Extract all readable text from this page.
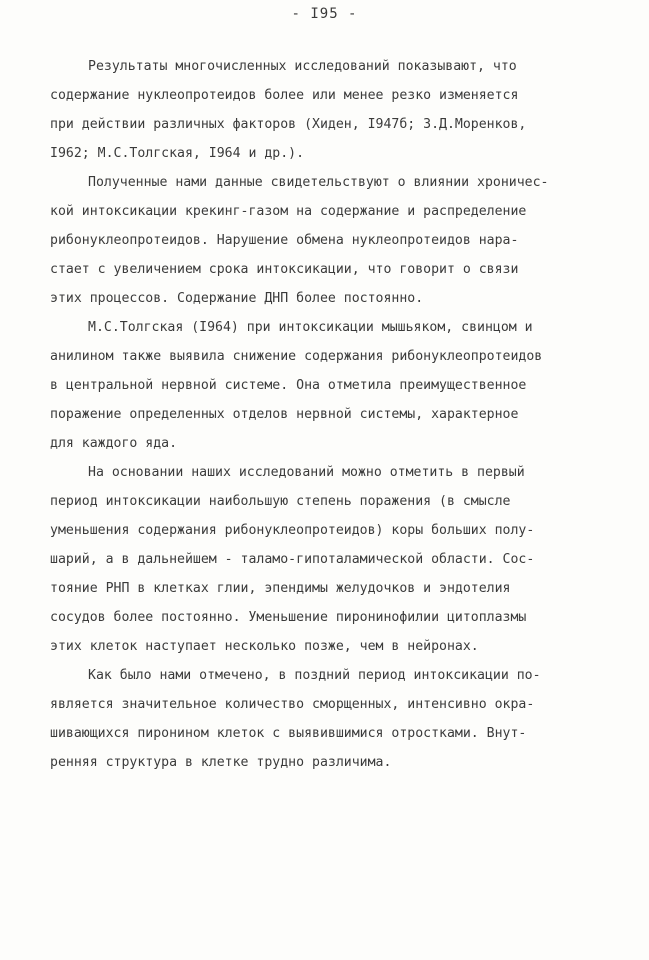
- I95 -
Результаты многочисленных исследований показывают, что
содержание нуклеопротеидов более или менее резко изменяется
при действии различных факторов (Хиден, I947б; З.Д.Моренков,
I962; М.С.Толгская, I964 и др.).
Полученные нами данные свидетельствуют о влиянии хроничес-
кой интоксикации крекинг-газом на содержание и распределение
рибонуклеопротеидов. Нарушение обмена нуклеопротеидов нара-
стает с увеличением срока интоксикации, что говорит о связи
этих процессов. Содержание ДНП более постоянно.
М.С.Толгская (I964) при интоксикации мышьяком, свинцом и
анилином также выявила снижение содержания рибонуклеопротеидов
в центральной нервной системе. Она отметила преимущественное
поражение определенных отделов нервной системы, характерное
для каждого яда.
На основании наших исследований можно отметить в первый
период интоксикации наибольшую степень поражения (в смысле
уменьшения содержания рибонуклеопротеидов) коры больших полу-
шарий, а в дальнейшем - таламо-гипоталамической области. Сос-
тояние РНП в клетках глии, эпендимы желудочков и эндотелия
сосудов более постоянно. Уменьшение пиронинофилии цитоплазмы
этих клеток наступает несколько позже, чем в нейронах.
Как было нами отмечено, в поздний период интоксикации по-
является значительное количество сморщенных, интенсивно окра-
шивающихся пиронином клеток с выявившимися отростками. Внут-
ренняя структура в клетке трудно различима.
